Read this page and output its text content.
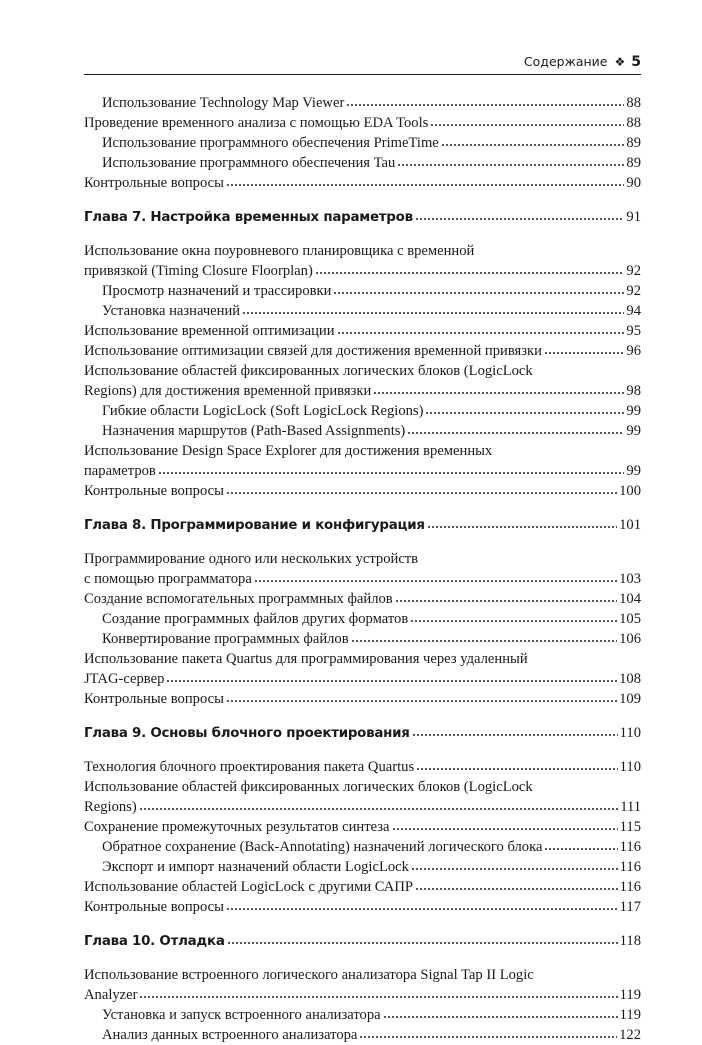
Содержание ❖ 5
Использование Technology Map Viewer	88
Проведение временного анализа с помощью EDA Tools	88
Использование программного обеспечения PrimeTime	89
Использование программного обеспечения Tau	89
Контрольные вопросы	90
Глава 7. Настройка временных параметров	91
Использование окна поуровневого планировщика с временной
привязкой (Timing Closure Floorplan)	92
Просмотр назначений и трассировки	92
Установка назначений	94
Использование временной оптимизации	95
Использование оптимизации связей для достижения временной привязки	96
Использование областей фиксированных логических блоков (LogicLock
Regions) для достижения временной привязки	98
Гибкие области LogicLock (Soft LogicLock Regions)	99
Назначения маршрутов (Path-Based Assignments)	99
Использование Design Space Explorer для достижения временных
параметров	99
Контрольные вопросы	100
Глава 8. Программирование и конфигурация	101
Программирование одного или нескольких устройств
с помощью программатора	103
Создание вспомогательных программных файлов	104
Создание программных файлов других форматов	105
Конвертирование программных файлов	106
Использование пакета Quartus для программирования через удаленный
JTAG-сервер	108
Контрольные вопросы	109
Глава 9. Основы блочного проектирования	110
Технология блочного проектирования пакета Quartus	110
Использование областей фиксированных логических блоков (LogicLock
Regions)	111
Сохранение промежуточных результатов синтеза	115
Обратное сохранение (Back-Annotating) назначений логического блока	116
Экспорт и импорт назначений области LogicLock	116
Использование областей LogicLock с другими САПР	116
Контрольные вопросы	117
Глава 10. Отладка	118
Использование встроенного логического анализатора Signal Tap II Logic
Analyzer	119
Установка и запуск встроенного анализатора	119
Анализ данных встроенного анализатора	122
